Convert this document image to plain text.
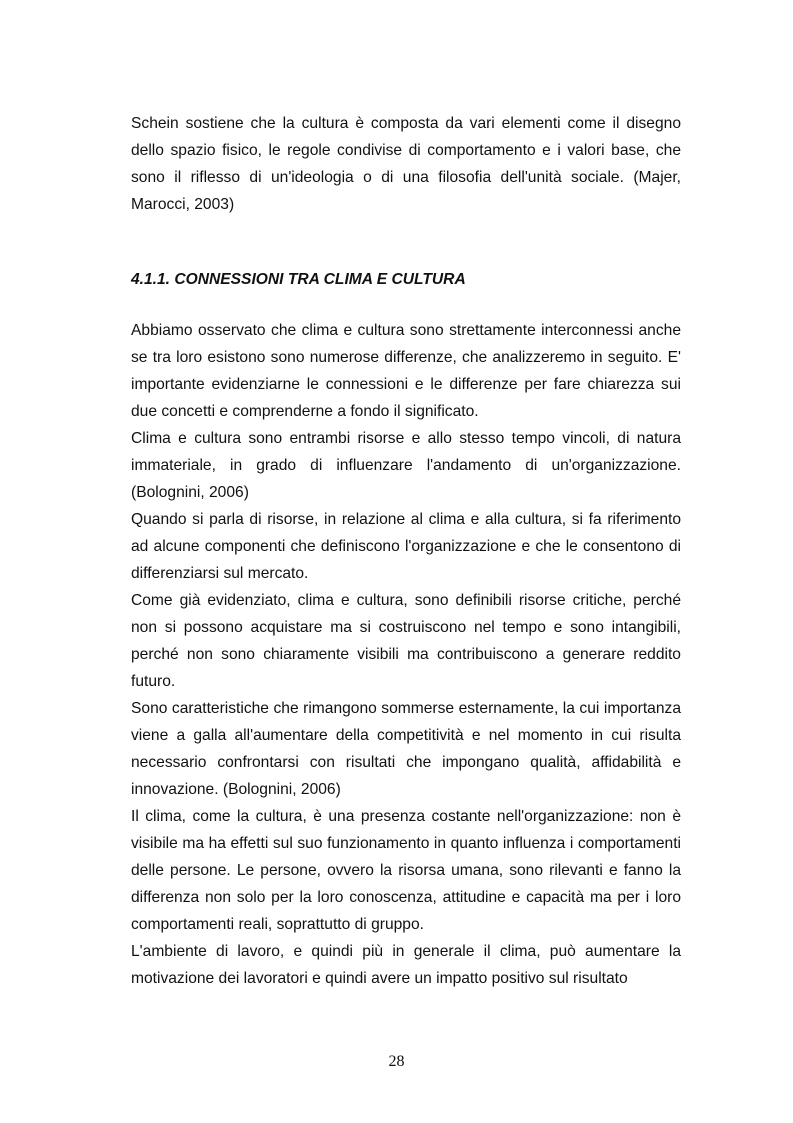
Schein sostiene che la cultura è composta da vari elementi come il disegno dello spazio fisico, le regole condivise di comportamento e i valori base, che sono il riflesso di un'ideologia o di una filosofia dell'unità sociale. (Majer, Marocci, 2003)

4.1.1. CONNESSIONI TRA CLIMA E CULTURA

Abbiamo osservato che clima e cultura sono strettamente interconnessi anche se tra loro esistono sono numerose differenze, che analizzeremo in seguito. E' importante evidenziarne le connessioni e le differenze per fare chiarezza sui due concetti e comprenderne a fondo il significato.

Clima e cultura sono entrambi risorse e allo stesso tempo vincoli, di natura immateriale, in grado di influenzare l'andamento di un'organizzazione. (Bolognini, 2006)

Quando si parla di risorse, in relazione al clima e alla cultura, si fa riferimento ad alcune componenti che definiscono l'organizzazione e che le consentono di differenziarsi sul mercato.

Come già evidenziato, clima e cultura, sono definibili risorse critiche, perché non si possono acquistare ma si costruiscono nel tempo e sono intangibili, perché non sono chiaramente visibili ma contribuiscono a generare reddito futuro.

Sono caratteristiche che rimangono sommerse esternamente, la cui importanza viene a galla all'aumentare della competitività e nel momento in cui risulta necessario confrontarsi con risultati che impongano qualità, affidabilità e innovazione. (Bolognini, 2006)

Il clima, come la cultura, è una presenza costante nell'organizzazione: non è visibile ma ha effetti sul suo funzionamento in quanto influenza i comportamenti delle persone. Le persone, ovvero la risorsa umana, sono rilevanti e fanno la differenza non solo per la loro conoscenza, attitudine e capacità ma per i loro comportamenti reali, soprattutto di gruppo.

L'ambiente di lavoro, e quindi più in generale il clima, può aumentare la motivazione dei lavoratori e quindi avere un impatto positivo sul risultato

28
